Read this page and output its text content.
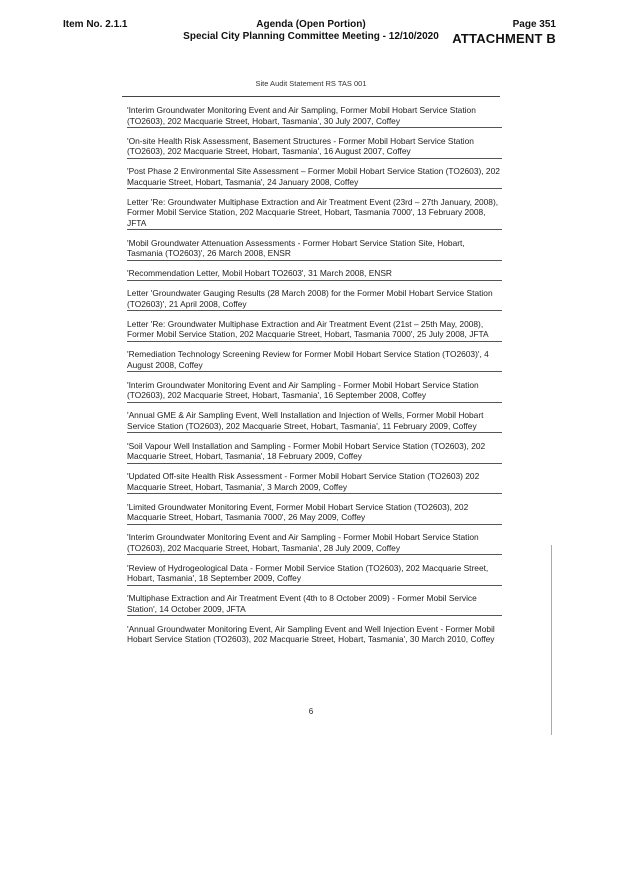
Item No. 2.1.1	Agenda (Open Portion)
Special City Planning Committee Meeting - 12/10/2020
Page 351
ATTACHMENT B
Site Audit Statement RS TAS 001
'Interim Groundwater Monitoring Event and Air Sampling, Former Mobil Hobart Service Station (TO2603), 202 Macquarie Street, Hobart, Tasmania', 30 July 2007, Coffey
'On-site Health Risk Assessment, Basement Structures - Former Mobil Hobart Service Station (TO2603), 202 Macquarie Street, Hobart, Tasmania', 16 August 2007, Coffey
'Post Phase 2 Environmental Site Assessment – Former Mobil Hobart Service Station (TO2603), 202 Macquarie Street, Hobart, Tasmania', 24 January 2008, Coffey
Letter 'Re: Groundwater Multiphase Extraction and Air Treatment Event (23rd – 27th January, 2008), Former Mobil Service Station, 202 Macquarie Street, Hobart, Tasmania 7000', 13 February 2008, JFTA
'Mobil Groundwater Attenuation Assessments - Former Hobart Service Station Site, Hobart, Tasmania (TO2603)', 26 March 2008, ENSR
'Recommendation Letter, Mobil Hobart TO2603', 31 March 2008, ENSR
Letter 'Groundwater Gauging Results (28 March 2008) for the Former Mobil Hobart Service Station (TO2603)', 21 April 2008, Coffey
Letter 'Re: Groundwater Multiphase Extraction and Air Treatment Event (21st – 25th May, 2008), Former Mobil Service Station, 202 Macquarie Street, Hobart, Tasmania 7000', 25 July 2008, JFTA
'Remediation Technology Screening Review for Former Mobil Hobart Service Station (TO2603)', 4 August 2008, Coffey
'Interim Groundwater Monitoring Event and Air Sampling - Former Mobil Hobart Service Station (TO2603), 202 Macquarie Street, Hobart, Tasmania', 16 September 2008, Coffey
'Annual GME & Air Sampling Event, Well Installation and Injection of Wells, Former Mobil Hobart Service Station (TO2603), 202 Macquarie Street, Hobart, Tasmania', 11 February 2009, Coffey
'Soil Vapour Well Installation and Sampling - Former Mobil Hobart Service Station (TO2603), 202 Macquarie Street, Hobart, Tasmania', 18 February 2009, Coffey
'Updated Off-site Health Risk Assessment - Former Mobil Hobart Service Station (TO2603) 202 Macquarie Street, Hobart, Tasmania', 3 March 2009, Coffey
'Limited Groundwater Monitoring Event, Former Mobil Hobart Service Station (TO2603), 202 Macquarie Street, Hobart, Tasmania 7000', 26 May 2009, Coffey
'Interim Groundwater Monitoring Event and Air Sampling - Former Mobil Hobart Service Station (TO2603), 202 Macquarie Street, Hobart, Tasmania', 28 July 2009, Coffey
'Review of Hydrogeological Data - Former Mobil Service Station (TO2603), 202 Macquarie Street, Hobart, Tasmania', 18 September 2009, Coffey
'Multiphase Extraction and Air Treatment Event (4th to 8 October 2009) - Former Mobil Service Station', 14 October 2009, JFTA
'Annual Groundwater Monitoring Event, Air Sampling Event and Well Injection Event - Former Mobil Hobart Service Station (TO2603), 202 Macquarie Street, Hobart, Tasmania', 30 March 2010, Coffey
6
